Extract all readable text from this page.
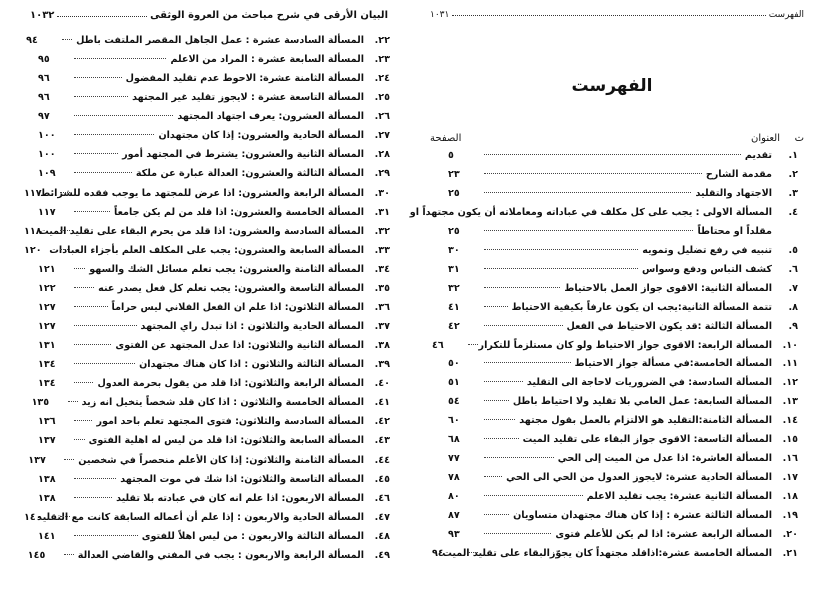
البيان الأرقى في شرح مباحث من العروة الوثقى
١٠٣٢
٢٢.
المسألة السادسة عشرة : عمل الجاهل المقصر الملتفت باطل
٩٤
٢٣.
المسألة السابعة عشرة : المراد من الاعلم
٩٥
٢٤.
المسألة الثامنة عشرة: الاحوط عدم تقليد المفضول
٩٦
٢٥.
المسألة التاسعة عشرة : لايجوز تقليد غير المجتهد
٩٦
٢٦.
المسألة العشرون: يعرف اجتهاد المجتهد
٩٧
٢٧.
المسألة الحادية والعشرون: إذا كان مجتهدان
١٠٠
٢٨.
المسألة الثانية والعشرون: يشترط في المجتهد أمور
١٠٠
٢٩.
المسألة الثالثة والعشرون: العدالة عبارة عن ملكة
١٠٩
٣٠.
المسألة الرابعة والعشرون: اذا عرض للمجتهد ما يوجب فقده للشرائط
١١٧
٣١.
المسألة الخامسة والعشرون: اذا قلد من لم يكن جامعاً
١١٧
٣٢.
المسألة السادسة والعشرون: اذا قلد من يحرم البقاء على تقليد الميت
١١٨
٣٣.
المسألة السابعة والعشرون: يجب على المكلف العلم بأجزاء العبادات
١٢٠
٣٤.
المسألة الثامنة والعشرون: يجب تعلم مسائل الشك والسهو
١٢١
٣٥.
المسألة التاسعة والعشرون: يجب تعلم كل فعل يصدر عنه
١٢٢
٣٦.
المسألة الثلاثون: اذا علم ان الفعل الفلاني ليس حراماً
١٢٧
٣٧.
المسألة الحادية والثلاثون : اذا تبدل راي المجتهد
١٢٧
٣٨.
المسألة الثانية والثلاثون: اذا عدل المجتهد عن الفتوى
١٣١
٣٩.
المسألة الثالثة والثلاثون : اذا كان هناك مجتهدان
١٣٤
٤٠.
المسألة الرابعة والثلاثون: اذا قلد من يقول بحرمة العدول
١٣٤
٤١.
المسألة الخامسة والثلاثون : اذا كان قلد شخصاً يتخيل انه زيد
١٣٥
٤٢.
المسألة السادسة والثلاثون: فتوى المجتهد تعلم باحد امور
١٣٦
٤٣.
المسألة السابعة والثلاثون: اذا قلد من ليس له اهلية الفتوى
١٣٧
٤٤.
المسألة الثامنة والثلاثون: إذا كان الأعلم منحصراً في شخصين
١٣٧
٤٥.
المسألة التاسعة والثلاثون: اذا شك في موت المجتهد
١٣٨
٤٦.
المسألة الاربعون: اذا علم انه كان في عبادته بلا تقليد
١٣٨
٤٧.
المسألة الحادية والاربعون : إذا علم أن أعماله السابقة كانت مع التقليد
١٤٠
٤٨.
المسألة الثالثة والاربعون : من ليس اهلاً للفتوى
١٤١
٤٩.
المسألة الرابعة والاربعون : يجب في المفتي والقاضي العدالة
١٤٥
الفهرست
١٠٣١
الفهرست
ت
العنوان
الصفحة
١.
تقديم
٥
٢.
مقدمة الشارح
٢٣
٣.
الاجتهاد والتقليد
٢٥
٤.
المسألة الاولى : يجب على كل مكلف في عباداته ومعاملاته أن يكون مجتهداً او
مقلداً او محتاطاً
٢٥
٥.
تنبيه في رفع تضليل وتمويه
٣٠
٦.
كشف التباس ودفع وسواس
٣١
٧.
المسألة الثانية: الاقوى جواز العمل بالاحتياط
٣٢
٨.
تتمة المسألة الثانية:يجب ان يكون عارفاً بكيفية الاحتياط
٤١
٩.
المسألة الثالثة :قد يكون الاحتياط في الفعل
٤٢
١٠.
المسألة الرابعة: الاقوى جواز الاحتياط ولو كان مستلزماً للتكرار
٤٦
١١.
المسألة الخامسة:في مسألة جواز الاحتياط
٥٠
١٢.
المسألة السادسة: في الضروريات لاحاجة الى التقليد
٥١
١٣.
المسألة السابعة: عمل العامي بلا تقليد ولا احتياط باطل
٥٤
١٤.
المسألة الثامنة:التقليد هو الالتزام بالعمل بقول مجتهد
٦٠
١٥.
المسألة التاسعة: الاقوى جواز البقاء على تقليد الميت
٦٨
١٦.
المسألة العاشرة: اذا عدل من الميت إلى الحي
٧٧
١٧.
المسألة الحادية عشرة: لايجوز العدول من الحي الى الحي
٧٨
١٨.
المسألة الثانية عشرة: يجب تقليد الاعلم
٨٠
١٩.
المسألة الثالثة عشرة : إذا كان هناك مجتهدان متساويان
٨٧
٢٠.
المسألة الرابعة عشرة: اذا لم يكن للأعلم فتوى
٩٣
٢١.
المسألة الخامسة عشرة:اذاقلد مجتهداً كان يجوّزالبقاء على تقليد الميت
٩٤
